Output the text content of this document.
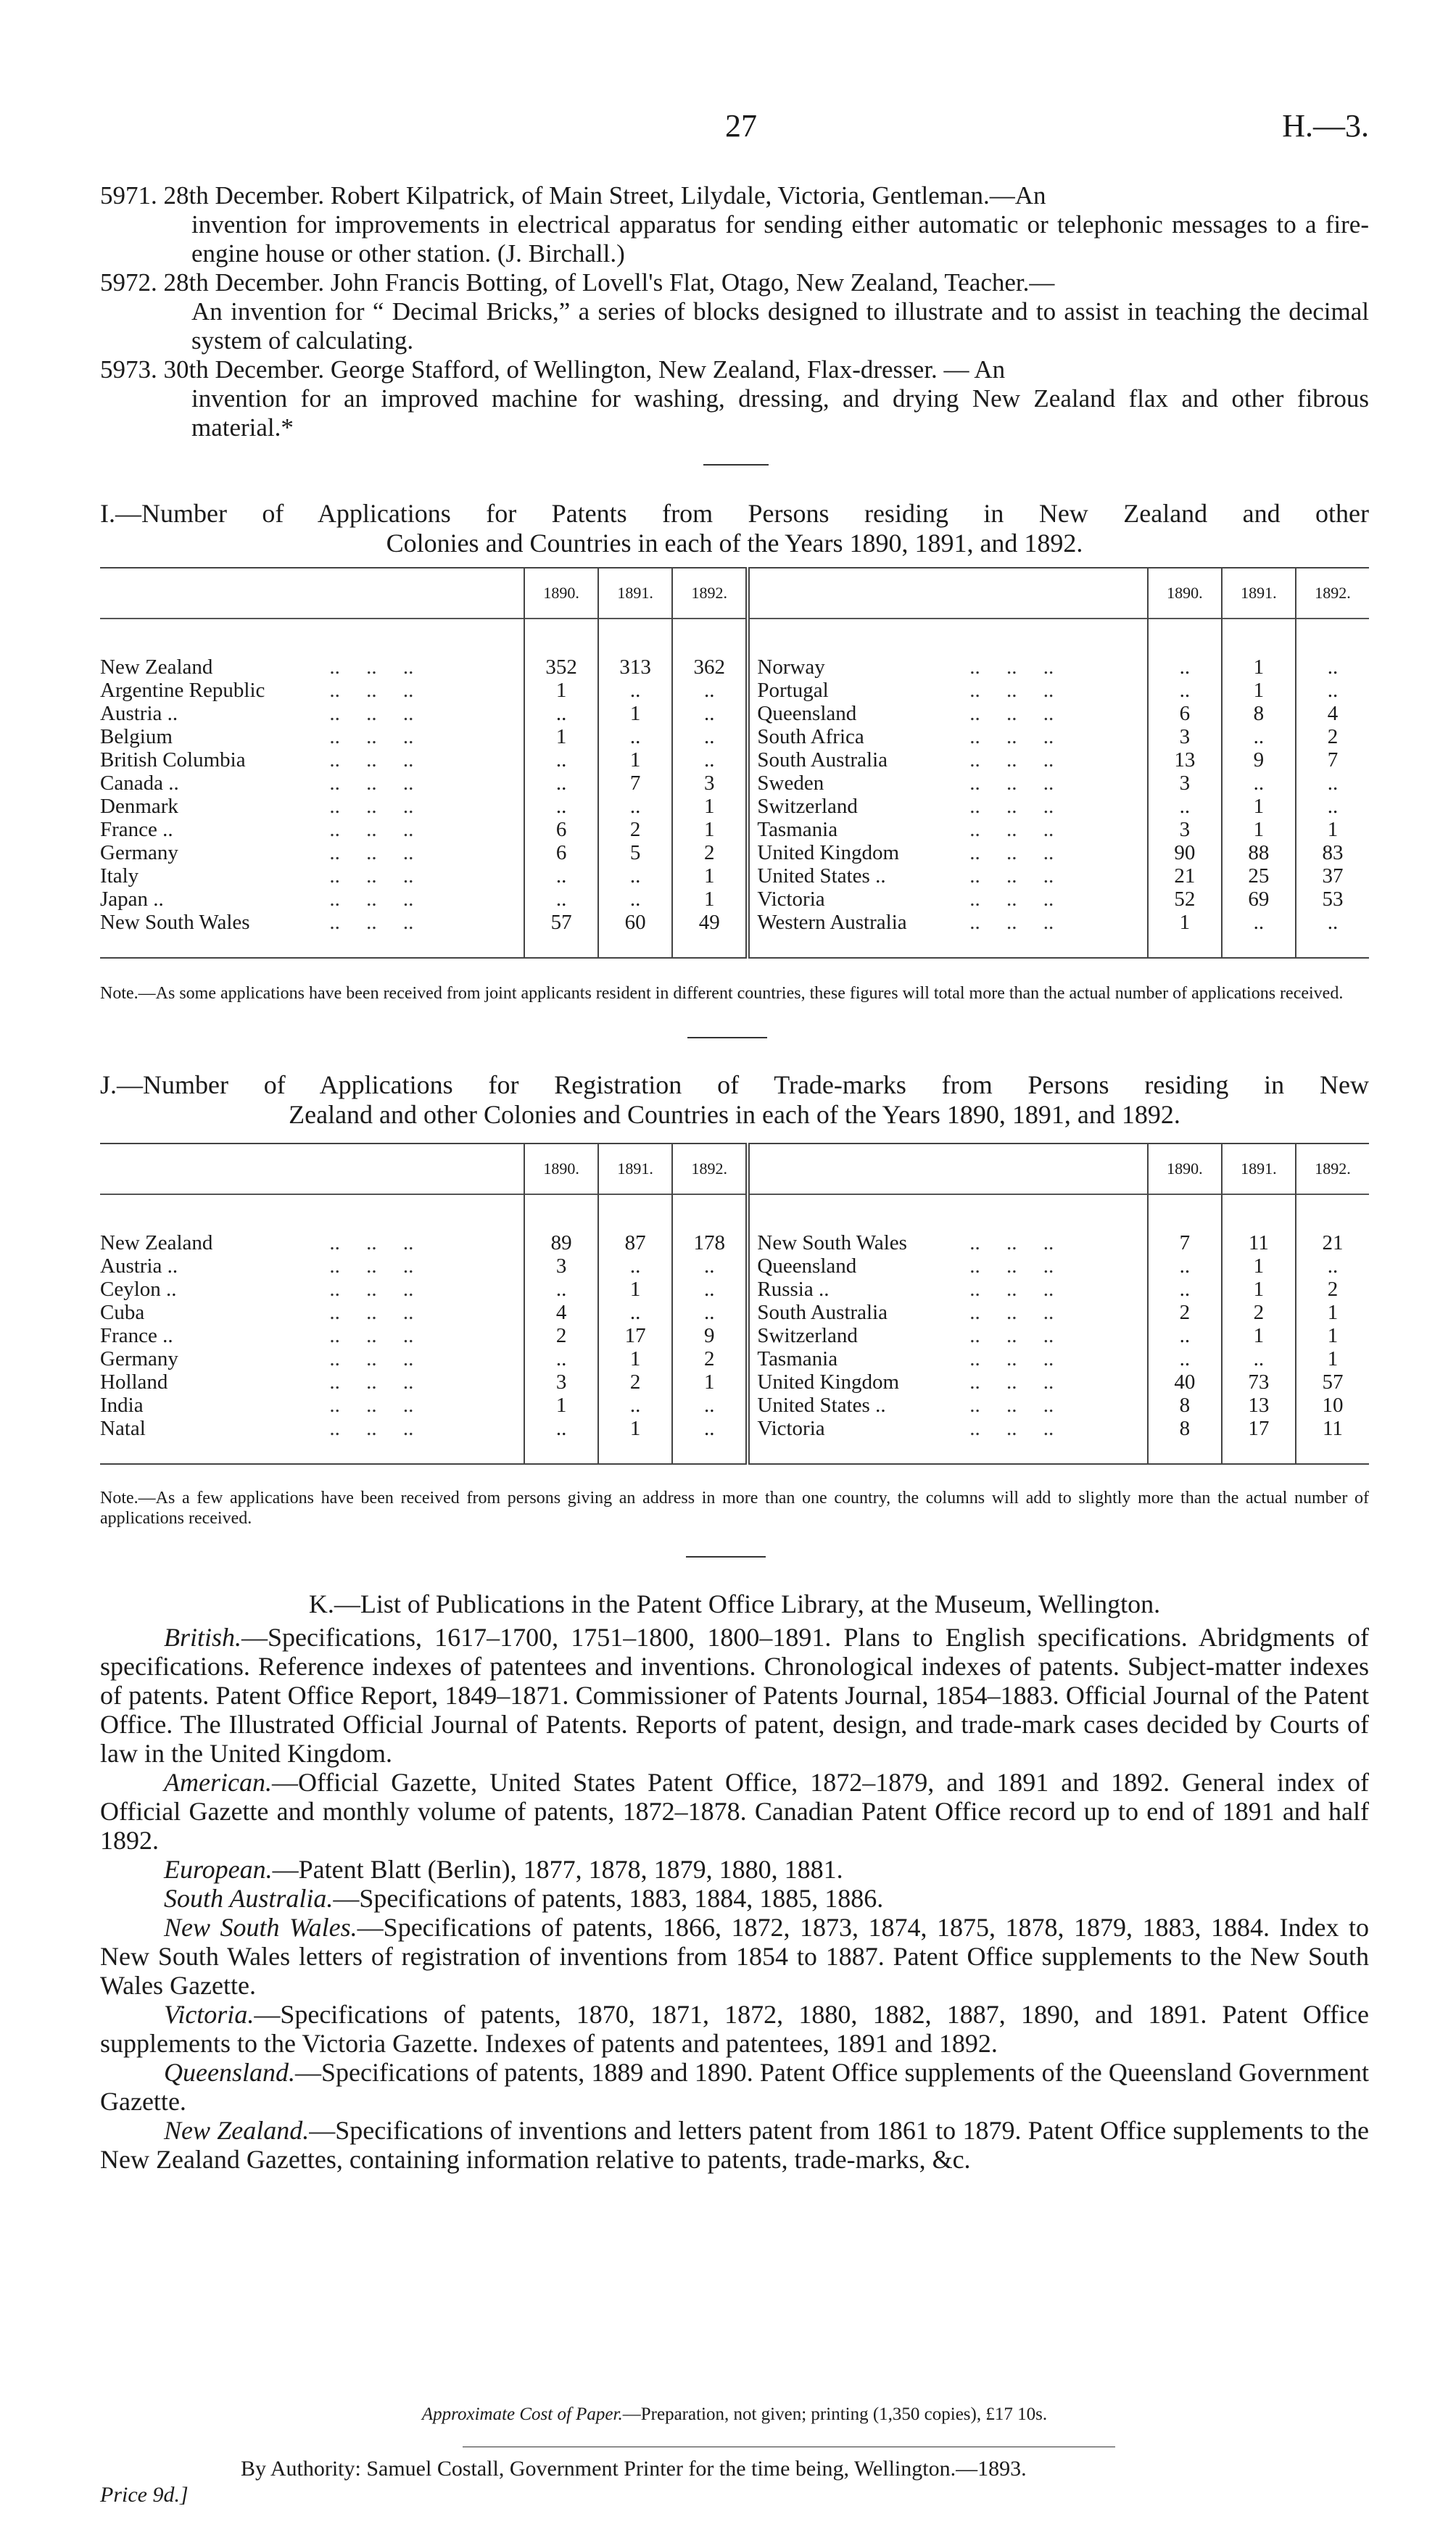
27	H.—3.
5971. 28th December. Robert Kilpatrick, of Main Street, Lilydale, Victoria, Gentleman.—An
invention for improvements in electrical apparatus for sending either automatic or telephonic messages to a fire-engine house or other station. (J. Birchall.)
5972. 28th December. John Francis Botting, of Lovell's Flat, Otago, New Zealand, Teacher.—
An invention for “ Decimal Bricks,” a series of blocks designed to illustrate and to assist in teaching the decimal system of calculating.
5973. 30th December. George Stafford, of Wellington, New Zealand, Flax-dresser. — An
invention for an improved machine for washing, dressing, and drying New Zealand flax and other fibrous material.*
I.—Number of Applications for Patents from Persons residing in New Zealand and other
Colonies and Countries in each of the Years 1890, 1891, and 1892.
		1890.	1891.	1892.			1890.	1891.	1892.

New Zealand	..     ..     ..	352	313	362	Norway	..     ..     ..	..	1	..
Argentine Republic	..     ..     ..	1	..	..	Portugal	..     ..     ..	..	1	..
Austria ..	..     ..     ..	..	1	..	Queensland	..     ..     ..	6	8	4
Belgium	..     ..     ..	1	..	..	South Africa	..     ..     ..	3	..	2
British Columbia	..     ..     ..	..	1	..	South Australia	..     ..     ..	13	9	7
Canada ..	..     ..     ..	..	7	3	Sweden	..     ..     ..	3	..	..
Denmark	..     ..     ..	..	..	1	Switzerland	..     ..     ..	..	1	..
France ..	..     ..     ..	6	2	1	Tasmania	..     ..     ..	3	1	1
Germany	..     ..     ..	6	5	2	United Kingdom	..     ..     ..	90	88	83
Italy	..     ..     ..	..	..	1	United States ..	..     ..     ..	21	25	37
Japan ..	..     ..     ..	..	..	1	Victoria	..     ..     ..	52	69	53
New South Wales	..     ..     ..	57	60	49	Western Australia	..     ..     ..	1	..	..

Note.—As some applications have been received from joint applicants resident in different countries, these figures will total more than the actual number of applications received.
J.—Number of Applications for Registration of Trade-marks from Persons residing in New
Zealand and other Colonies and Countries in each of the Years 1890, 1891, and 1892.
		1890.	1891.	1892.			1890.	1891.	1892.

New Zealand	..     ..     ..	89	87	178	New South Wales	..     ..     ..	7	11	21
Austria ..	..     ..     ..	3	..	..	Queensland	..     ..     ..	..	1	..
Ceylon ..	..     ..     ..	..	1	..	Russia ..	..     ..     ..	..	1	2
Cuba	..     ..     ..	4	..	..	South Australia	..     ..     ..	2	2	1
France ..	..     ..     ..	2	17	9	Switzerland	..     ..     ..	..	1	1
Germany	..     ..     ..	..	1	2	Tasmania	..     ..     ..	..	..	1
Holland	..     ..     ..	3	2	1	United Kingdom	..     ..     ..	40	73	57
India	..     ..     ..	1	..	..	United States ..	..     ..     ..	8	13	10
Natal	..     ..     ..	..	1	..	Victoria	..     ..     ..	8	17	11

Note.—As a few applications have been received from persons giving an address in more than one country, the columns will add to slightly more than the actual number of applications received.

K.—List of Publications in the Patent Office Library, at the Museum, Wellington.

British.—Specifications, 1617–1700, 1751–1800, 1800–1891. Plans to English specifications. Abridgments of specifications. Reference indexes of patentees and inventions. Chronological indexes of patents. Subject-matter indexes of patents. Patent Office Report, 1849–1871. Commissioner of Patents Journal, 1854–1883. Official Journal of the Patent Office. The Illustrated Official Journal of Patents. Reports of patent, design, and trade-mark cases decided by Courts of law in the United Kingdom.

American.—Official Gazette, United States Patent Office, 1872–1879, and 1891 and 1892. General index of Official Gazette and monthly volume of patents, 1872–1878. Canadian Patent Office record up to end of 1891 and half 1892.

European.—Patent Blatt (Berlin), 1877, 1878, 1879, 1880, 1881.

South Australia.—Specifications of patents, 1883, 1884, 1885, 1886.

New South Wales.—Specifications of patents, 1866, 1872, 1873, 1874, 1875, 1878, 1879, 1883, 1884. Index to New South Wales letters of registration of inventions from 1854 to 1887. Patent Office supplements to the New South Wales Gazette.

Victoria.—Specifications of patents, 1870, 1871, 1872, 1880, 1882, 1887, 1890, and 1891. Patent Office supplements to the Victoria Gazette. Indexes of patents and patentees, 1891 and 1892.

Queensland.—Specifications of patents, 1889 and 1890. Patent Office supplements of the Queensland Government Gazette.

New Zealand.—Specifications of inventions and letters patent from 1861 to 1879. Patent Office supplements to the New Zealand Gazettes, containing information relative to patents, trade-marks, &c.

Approximate Cost of Paper.—Preparation, not given; printing (1,350 copies), £17 10s.
By Authority: Samuel Costall, Government Printer for the time being, Wellington.—1893.
Price 9d.]
